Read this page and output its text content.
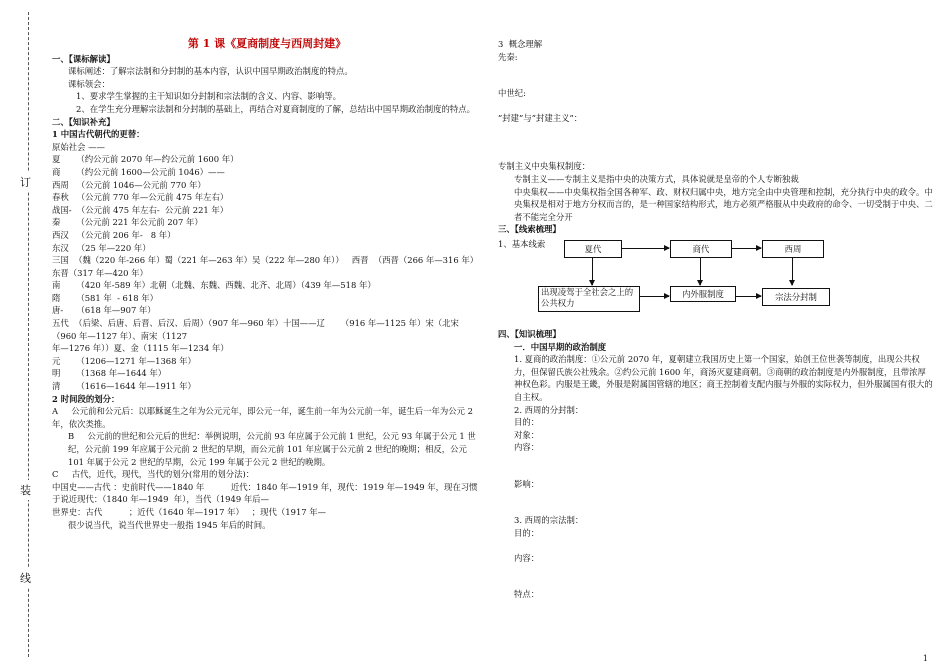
订
装
线
第 1 课《夏商制度与西周封建》

一、【课标解读】

课标阐述：了解宗法制和分封制的基本内容，认识中国早期政治制度的特点。

课标领会：

1、要求学生掌握的主干知识如分封制和宗法制的含义、内容、影响等。

2、在学生充分理解宗法制和分封制的基础上，再结合对夏商制度的了解，总结出中国早期政治制度的特点。

二、【知识补充】

1 中国古代朝代的更替：

原始社会 ——

夏      （约公元前 2070 年—约公元前 1600 年）

商      （约公元前 1600—公元前 1046）——

西周   （公元前 1046—公元前 770 年）

春秋   （公元前 770 年—公元前 475 年左右）

战国-  （公元前 475 年左右-  公元前 221 年）

秦      （公元前 221 年公元前 207 年）

西汉   （公元前 206 年-   8 年）

东汉   （25 年—220 年）

三国  （魏（220 年-266 年）蜀（221 年—263 年）吴（222 年—280 年））   西晋  （西晋（266 年—316 年）

东晋（317 年—420 年）

南      （420 年-589 年）北朝（北魏、东魏、西魏、北齐、北周）（439 年—518 年）

隋      （581 年  - 618 年）

唐-     （618 年—907 年）

五代  （后梁、后唐、后晋、后汉、后周）（907 年—960 年）十国——辽      （916 年—1125 年）宋（北宋（960 年—1127 年）、南宋（1127

年—1276 年））夏、金（1115 年—1234 年）

元      （1206—1271 年—1368 年）

明      （1368 年—1644 年）

清      （1616—1644 年—1911 年）

2 时间段的划分：

A     公元前和公元后：以耶稣诞生之年为公元元年，即公元一年，诞生前一年为公元前一年，诞生后一年为公元 2 年，依次类推。

B     公元前的世纪和公元后的世纪：举例说明，公元前 93 年应属于公元前 1 世纪，公元 93 年属于公元 1 世纪，公元前 199 年应属于公元前 2 世纪的早期，而公元前 101 年应属于公元前 2 世纪的晚期；相反，公元 101 年属于公元 2 世纪的早期，公元 199 年属于公元 2 世纪的晚期。

C     古代，近代，现代，当代的划分(常用的划分法)：

中国史——古代 ：史前时代——1840 年          近代：1840 年—1919 年，现代：1919 年—1949 年，现在习惯于说近现代：（1840 年—1949  年），当代（1949 年后—

世界史：古代          ；近代（1640 年—1917 年）   ；现代（1917 年—

很少说当代，说当代世界史一般指 1945 年后的时间。

3  概念理解

先秦:

中世纪:

”封建”与”封建主义”：

专制主义中央集权制度：

专制主义——专制主义是指中央的决策方式，具体说就是皇帝的个人专断独裁

中央集权——中央集权指全国各种军、政、财权归属中央，地方完全由中央管理和控制，充分执行中央的政令。中央集权是相对于地方分权而言的，是一种国家结构形式，地方必须严格服从中央政府的命令、一切受制于中央、二者不能完全分开

三、【线索梳理】

1、基本线索	夏代	商代	西周
出现凌驾于全社会之上的公共权力
内外服制度	宗法分封制

四、【知识梳理】

一．中国早期的政治制度

1. 夏商的政治制度：①公元前 2070 年，夏朝建立我国历史上第一个国家，始创王位世袭等制度，出现公共权力，但保留氏族公社残余。②约公元前 1600 年，商汤灭夏建商朝。③商朝的政治制度是内外服制度，且带浓厚神权色彩。内服是王畿，外服是附属国管辖的地区；商王控制着支配内服与外服的实际权力，但外服属国有很大的自主权。

2. 西周的分封制：

目的：

对象：

内容：

影响：

3. 西周的宗法制：

目的：

内容：

特点：

1
